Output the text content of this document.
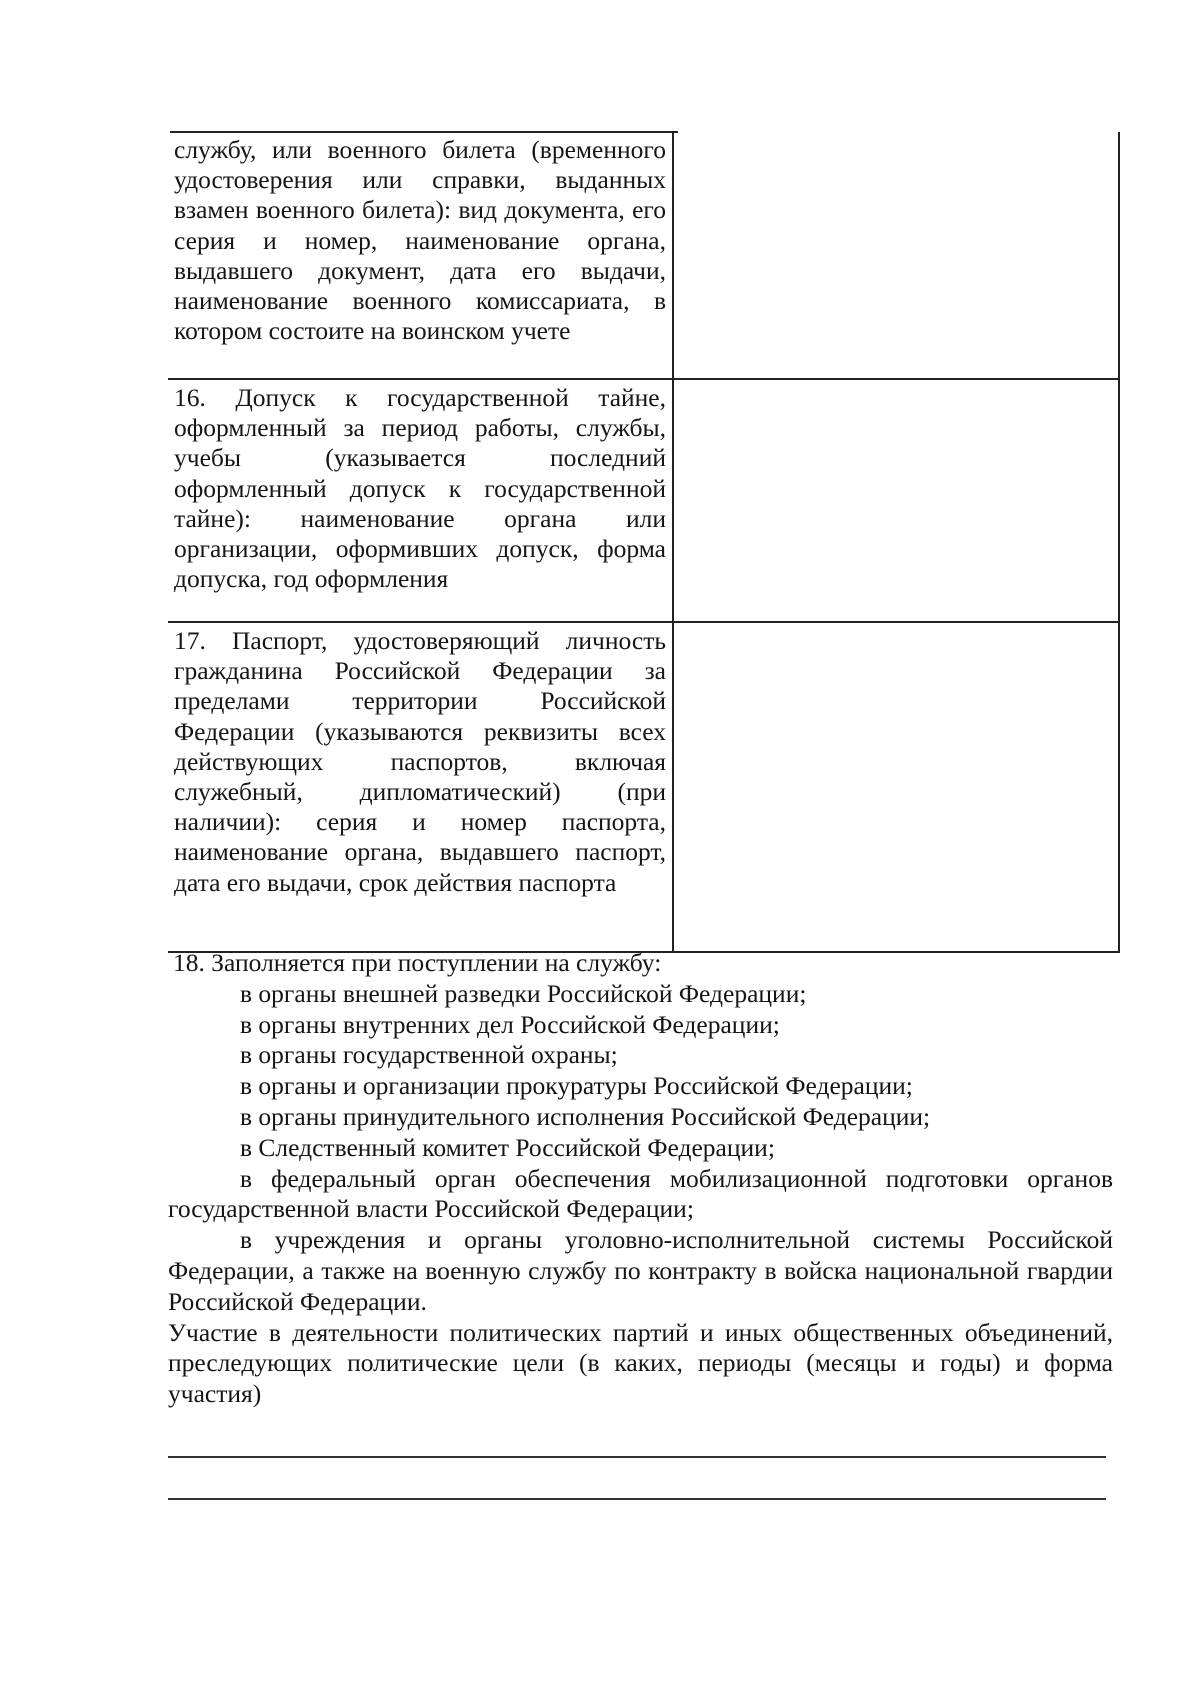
службу, или военного билета (временного удостоверения или справки, выданных взамен военного билета): вид документа, его серия и номер, наименование органа, выдавшего документ, дата его выдачи, наименование военного комиссариата, в котором состоите на воинском учете
16. Допуск к государственной тайне, оформленный за период работы, службы, учебы (указывается последний оформленный допуск к государственной тайне): наименование органа или организации, оформивших допуск, форма допуска, год оформления
17. Паспорт, удостоверяющий личность гражданина Российской Федерации за пределами территории Российской Федерации (указываются реквизиты всех действующих паспортов, включая служебный, дипломатический) (при наличии): серия и номер паспорта, наименование органа, выдавшего паспорт, дата его выдачи, срок действия паспорта

18. Заполняется при поступлении на службу:

в органы внешней разведки Российской Федерации;

в органы внутренних дел Российской Федерации;

в органы государственной охраны;

в органы и организации прокуратуры Российской Федерации;

в органы принудительного исполнения Российской Федерации;

в Следственный комитет Российской Федерации;

в федеральный орган обеспечения мобилизационной подготовки органов государственной власти Российской Федерации;

в учреждения и органы уголовно-исполнительной системы Российской Федерации, а также на военную службу по контракту в войска национальной гвардии Российской Федерации.

Участие в деятельности политических партий и иных общественных объединений, преследующих политические цели (в каких, периоды (месяцы и годы) и форма участия)
